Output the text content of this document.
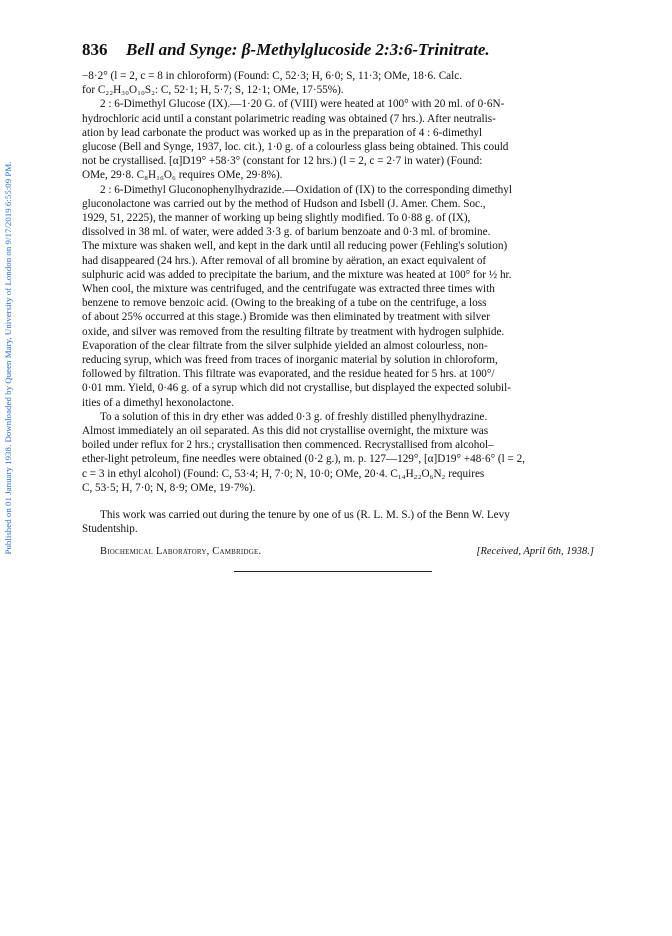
Published on 01 January 1938. Downloaded by Queen Mary, University of London on 9/17/2019 6:55:09 PM.
836 Bell and Synge: β-Methylglucoside 2:3:6-Trinitrate.
−8·2° (l = 2, c = 8 in chloroform) (Found: C, 52·3; H, 6·0; S, 11·3; OMe, 18·6. Calc.
for C₂₂H₃₀O₁₀S₂: C, 52·1; H, 5·7; S, 12·1; OMe, 17·55%).
2 : 6-Dimethyl Glucose (IX).—1·20 G. of (VIII) were heated at 100° with 20 ml. of 0·6N-
hydrochloric acid until a constant polarimetric reading was obtained (7 hrs.). After neutralis-
ation by lead carbonate the product was worked up as in the preparation of 4 : 6-dimethyl
glucose (Bell and Synge, 1937, loc. cit.), 1·0 g. of a colourless glass being obtained. This could
not be crystallised. [α]D19° +58·3° (constant for 12 hrs.) (l = 2, c = 2·7 in water) (Found:
OMe, 29·8. C₈H₁₆O₆ requires OMe, 29·8%).
2 : 6-Dimethyl Gluconophenylhydrazide.—Oxidation of (IX) to the corresponding dimethyl
gluconolactone was carried out by the method of Hudson and Isbell (J. Amer. Chem. Soc.,
1929, 51, 2225), the manner of working up being slightly modified. To 0·88 g. of (IX),
dissolved in 38 ml. of water, were added 3·3 g. of barium benzoate and 0·3 ml. of bromine.
The mixture was shaken well, and kept in the dark until all reducing power (Fehling's solution)
had disappeared (24 hrs.). After removal of all bromine by aëration, an exact equivalent of
sulphuric acid was added to precipitate the barium, and the mixture was heated at 100° for ½ hr.
When cool, the mixture was centrifuged, and the centrifugate was extracted three times with
benzene to remove benzoic acid. (Owing to the breaking of a tube on the centrifuge, a loss
of about 25% occurred at this stage.) Bromide was then eliminated by treatment with silver
oxide, and silver was removed from the resulting filtrate by treatment with hydrogen sulphide.
Evaporation of the clear filtrate from the silver sulphide yielded an almost colourless, non-
reducing syrup, which was freed from traces of inorganic material by solution in chloroform,
followed by filtration. This filtrate was evaporated, and the residue heated for 5 hrs. at 100°/
0·01 mm. Yield, 0·46 g. of a syrup which did not crystallise, but displayed the expected solubil-
ities of a dimethyl hexonolactone.
To a solution of this in dry ether was added 0·3 g. of freshly distilled phenylhydrazine.
Almost immediately an oil separated. As this did not crystallise overnight, the mixture was
boiled under reflux for 2 hrs.; crystallisation then commenced. Recrystallised from alcohol–
ether-light petroleum, fine needles were obtained (0·2 g.), m. p. 127—129°, [α]D19° +48·6° (l = 2,
c = 3 in ethyl alcohol) (Found: C, 53·4; H, 7·0; N, 10·0; OMe, 20·4. C₁₄H₂₂O₆N₂ requires
C, 53·5; H, 7·0; N, 8·9; OMe, 19·7%).
This work was carried out during the tenure by one of us (R. L. M. S.) of the Benn W. Levy
Studentship.
Biochemical Laboratory, Cambridge.	[Received, April 6th, 1938.]
